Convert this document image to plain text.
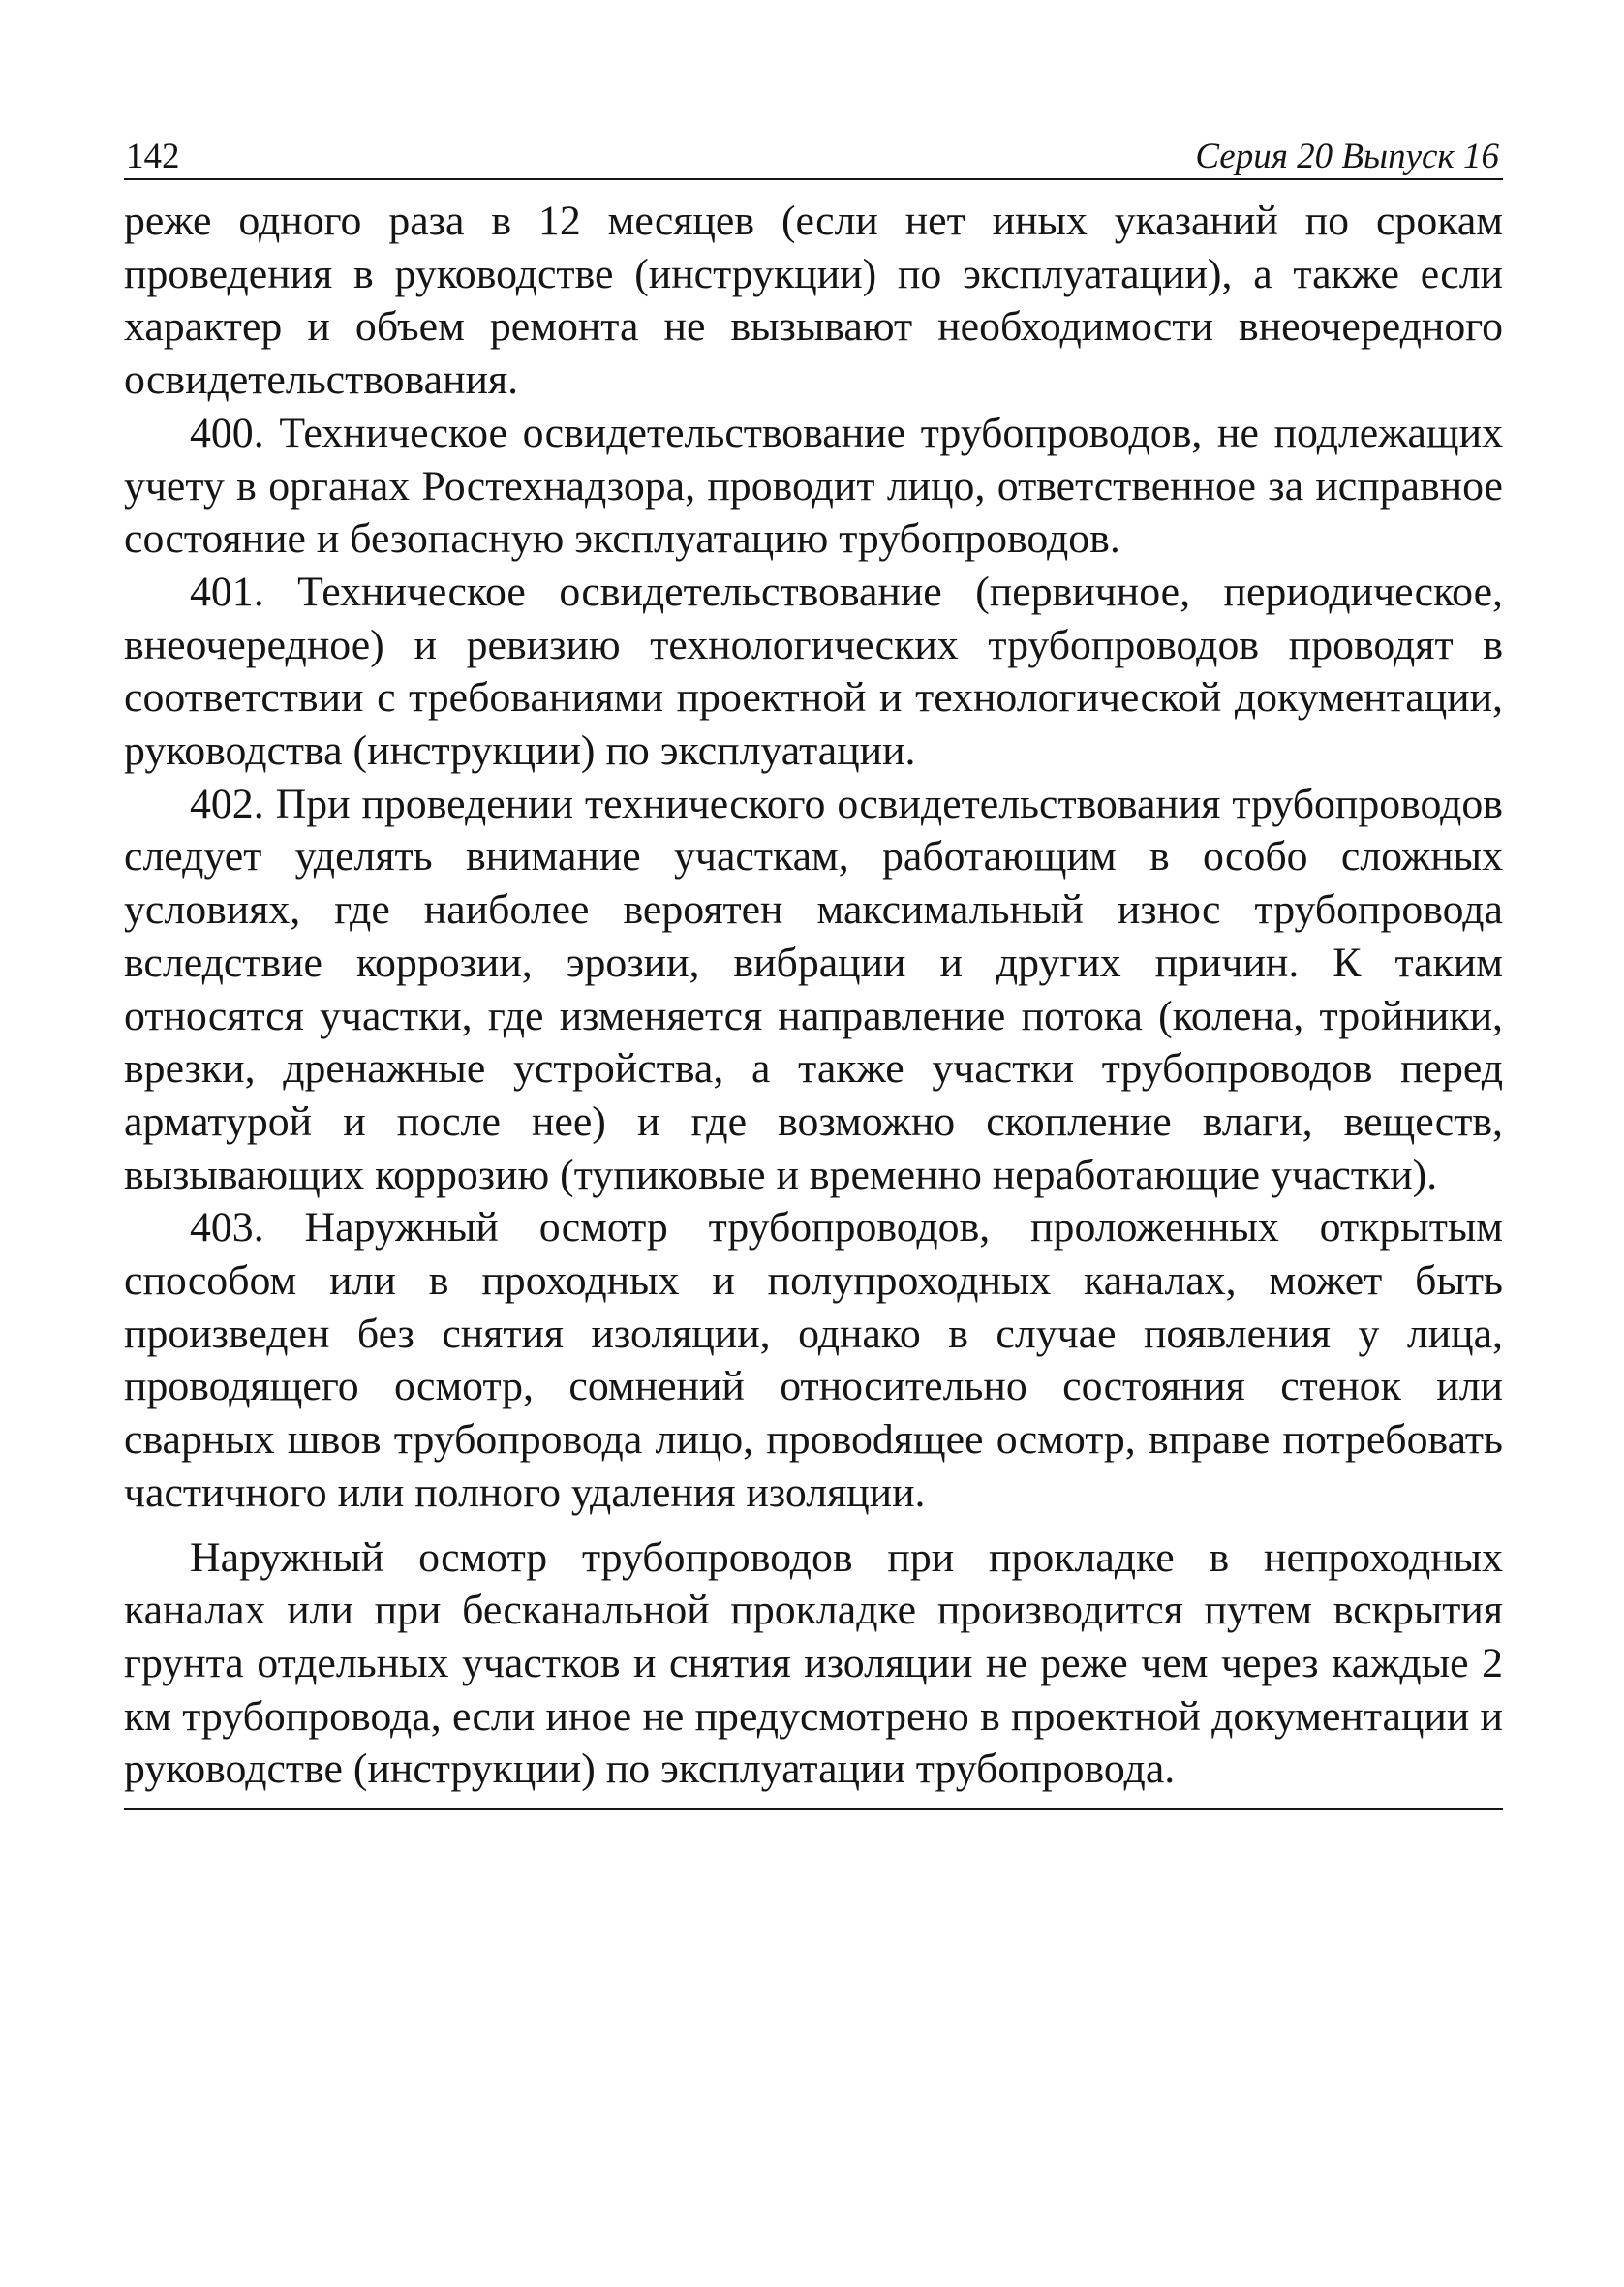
142	Серия 20 Выпуск 16

реже одного раза в 12 месяцев (если нет иных указаний по срокам проведения в руководстве (инструкции) по эксплуатации), а также если характер и объем ремонта не вызывают необходимости внеочередного освидетельствования.

400. Техническое освидетельствование трубопроводов, не подлежащих учету в органах Ростехнадзора, проводит лицо, ответственное за исправное состояние и безопасную эксплуатацию трубопроводов.

401. Техническое освидетельствование (первичное, периодическое, внеочередное) и ревизию технологических трубопроводов проводят в соответствии с требованиями проектной и технологической документации, руководства (инструкции) по эксплуатации.

402. При проведении технического освидетельствования трубопроводов следует уделять внимание участкам, работающим в особо сложных условиях, где наиболее вероятен максимальный износ трубопровода вследствие коррозии, эрозии, вибрации и других причин. К таким относятся участки, где изменяется направление потока (колена, тройники, врезки, дренажные устройства, а также участки трубопроводов перед арматурой и после нее) и где возможно скопление влаги, веществ, вызывающих коррозию (тупиковые и временно неработающие участки).

403. Наружный осмотр трубопроводов, проложенных открытым способом или в проходных и полупроходных каналах, может быть произведен без снятия изоляции, однако в случае появления у лица, проводящего осмотр, сомнений относительно состояния стенок или сварных швов трубопровода лицо, провоdящее осмотр, вправе потребовать частичного или полного удаления изоляции.

Наружный осмотр трубопроводов при прокладке в непроходных каналах или при бесканальной прокладке производится путем вскрытия грунта отдельных участков и снятия изоляции не реже чем через каждые 2 км трубопровода, если иное не предусмотрено в проектной документации и руководстве (инструкции) по эксплуатации трубопровода.
